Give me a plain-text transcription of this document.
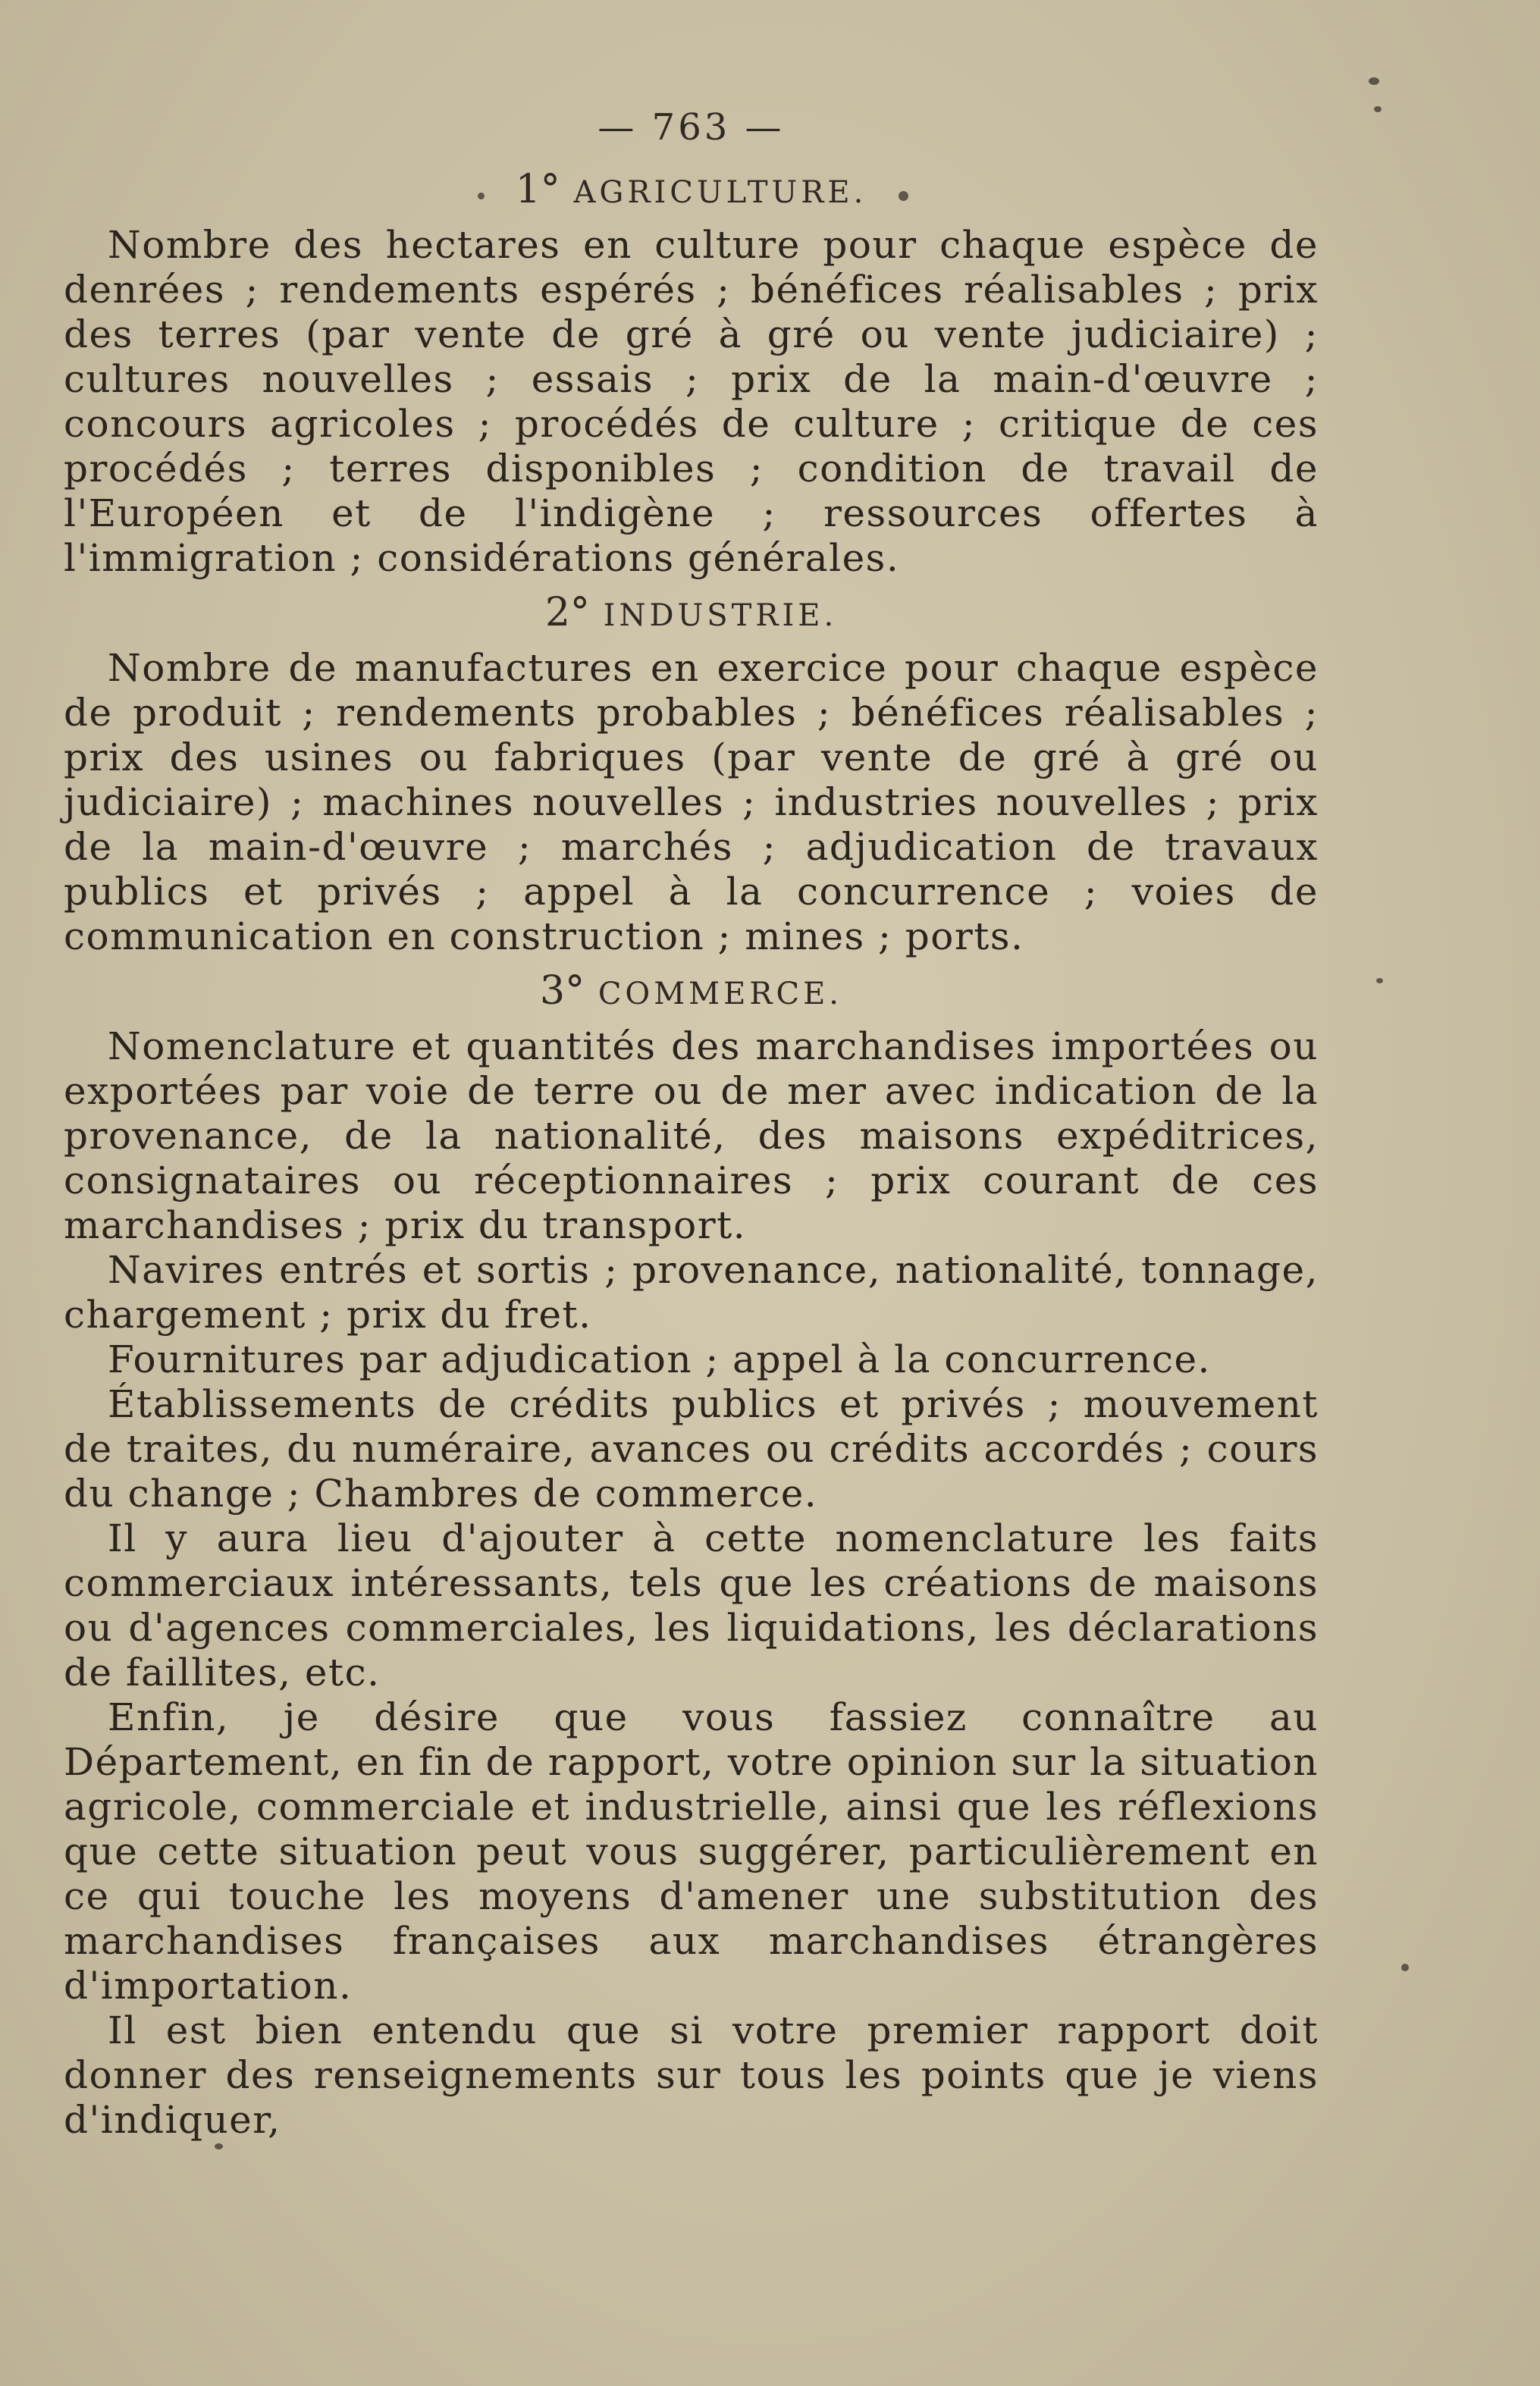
— 763 —
1° AGRICULTURE.

Nombre des hectares en culture pour chaque espèce de denrées ; rendements espérés ; bénéfices réalisables ; prix des terres (par vente de gré à gré ou vente judiciaire) ; cultures nouvelles ; essais ; prix de la main-d'œuvre ; concours agricoles ; procédés de culture ; critique de ces procédés ; terres disponibles ; condition de travail de l'Européen et de l'indigène ; ressources offertes à l'immigration ; considérations générales.

2° INDUSTRIE.

Nombre de manufactures en exercice pour chaque espèce de produit ; rendements probables ; bénéfices réalisables ; prix des usines ou fabriques (par vente de gré à gré ou judiciaire) ; machines nouvelles ; industries nouvelles ; prix de la main-d'œuvre ; marchés ; adjudication de travaux publics et privés ; appel à la concurrence ; voies de communication en construction ; mines ; ports.

3° COMMERCE.

Nomenclature et quantités des marchandises importées ou exportées par voie de terre ou de mer avec indication de la provenance, de la nationalité, des maisons expéditrices, consignataires ou réceptionnaires ; prix courant de ces marchandises ; prix du transport.

Navires entrés et sortis ; provenance, nationalité, tonnage, chargement ; prix du fret.

Fournitures par adjudication ; appel à la concurrence.

Établissements de crédits publics et privés ; mouvement de traites, du numéraire, avances ou crédits accordés ; cours du change ; Chambres de commerce.

Il y aura lieu d'ajouter à cette nomenclature les faits commerciaux intéressants, tels que les créations de maisons ou d'agences commerciales, les liquidations, les déclarations de faillites, etc.

Enfin, je désire que vous fassiez connaître au Département, en fin de rapport, votre opinion sur la situation agricole, commerciale et industrielle, ainsi que les réflexions que cette situation peut vous suggérer, particulièrement en ce qui touche les moyens d'amener une substitution des marchandises françaises aux marchandises étrangères d'importation.

Il est bien entendu que si votre premier rapport doit donner des renseignements sur tous les points que je viens d'indiquer,
